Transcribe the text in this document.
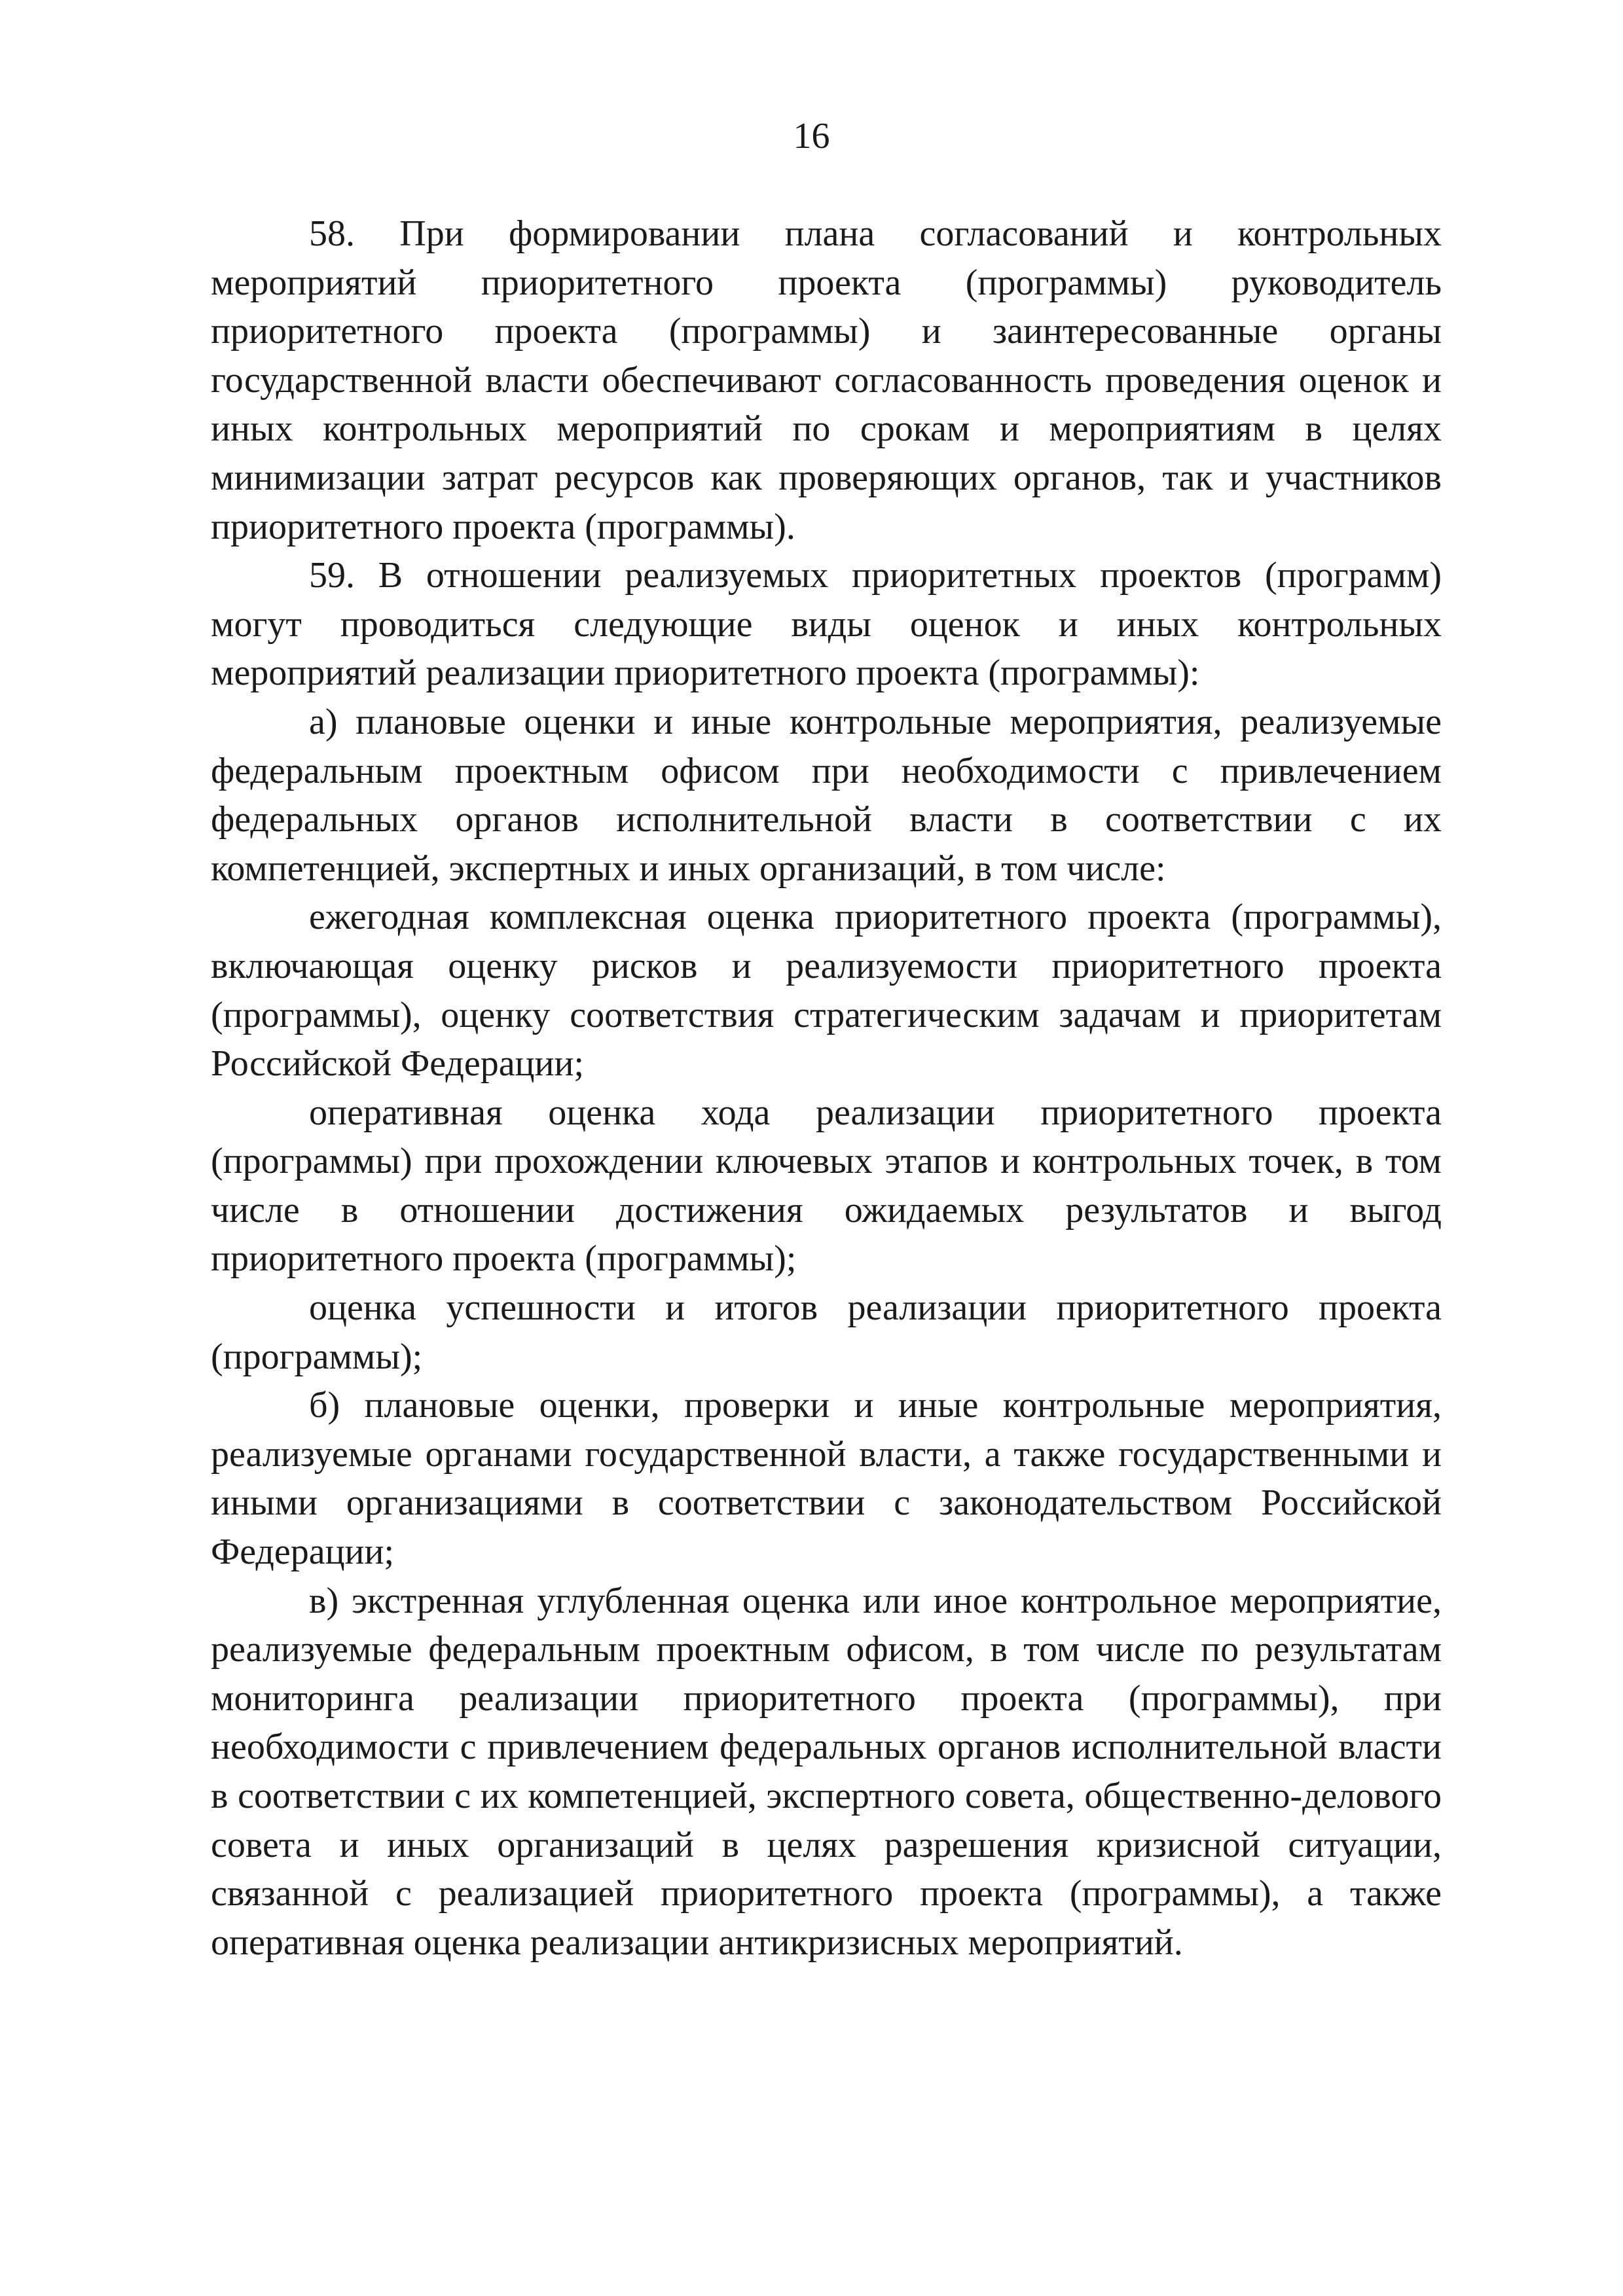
16

58. При формировании плана согласований и контрольных мероприятий приоритетного проекта (программы) руководитель приоритетного проекта (программы) и заинтересованные органы государственной власти обеспечивают согласованность проведения оценок и иных контрольных мероприятий по срокам и мероприятиям в целях минимизации затрат ресурсов как проверяющих органов, так и участников приоритетного проекта (программы).

59. В отношении реализуемых приоритетных проектов (программ) могут проводиться следующие виды оценок и иных контрольных мероприятий реализации приоритетного проекта (программы):

а) плановые оценки и иные контрольные мероприятия, реализуемые федеральным проектным офисом при необходимости с привлечением федеральных органов исполнительной власти в соответствии с их компетенцией, экспертных и иных организаций, в том числе:

ежегодная комплексная оценка приоритетного проекта (программы), включающая оценку рисков и реализуемости приоритетного проекта (программы), оценку соответствия стратегическим задачам и приоритетам Российской Федерации;

оперативная оценка хода реализации приоритетного проекта (программы) при прохождении ключевых этапов и контрольных точек, в том числе в отношении достижения ожидаемых результатов и выгод приоритетного проекта (программы);

оценка успешности и итогов реализации приоритетного проекта (программы);

б) плановые оценки, проверки и иные контрольные мероприятия, реализуемые органами государственной власти, а также государственными и иными организациями в соответствии с законодательством Российской Федерации;

в) экстренная углубленная оценка или иное контрольное мероприятие, реализуемые федеральным проектным офисом, в том числе по результатам мониторинга реализации приоритетного проекта (программы), при необходимости с привлечением федеральных органов исполнительной власти в соответствии с их компетенцией, экспертного совета, общественно-делового совета и иных организаций в целях разрешения кризисной ситуации, связанной с реализацией приоритетного проекта (программы), а также оперативная оценка реализации антикризисных мероприятий.
